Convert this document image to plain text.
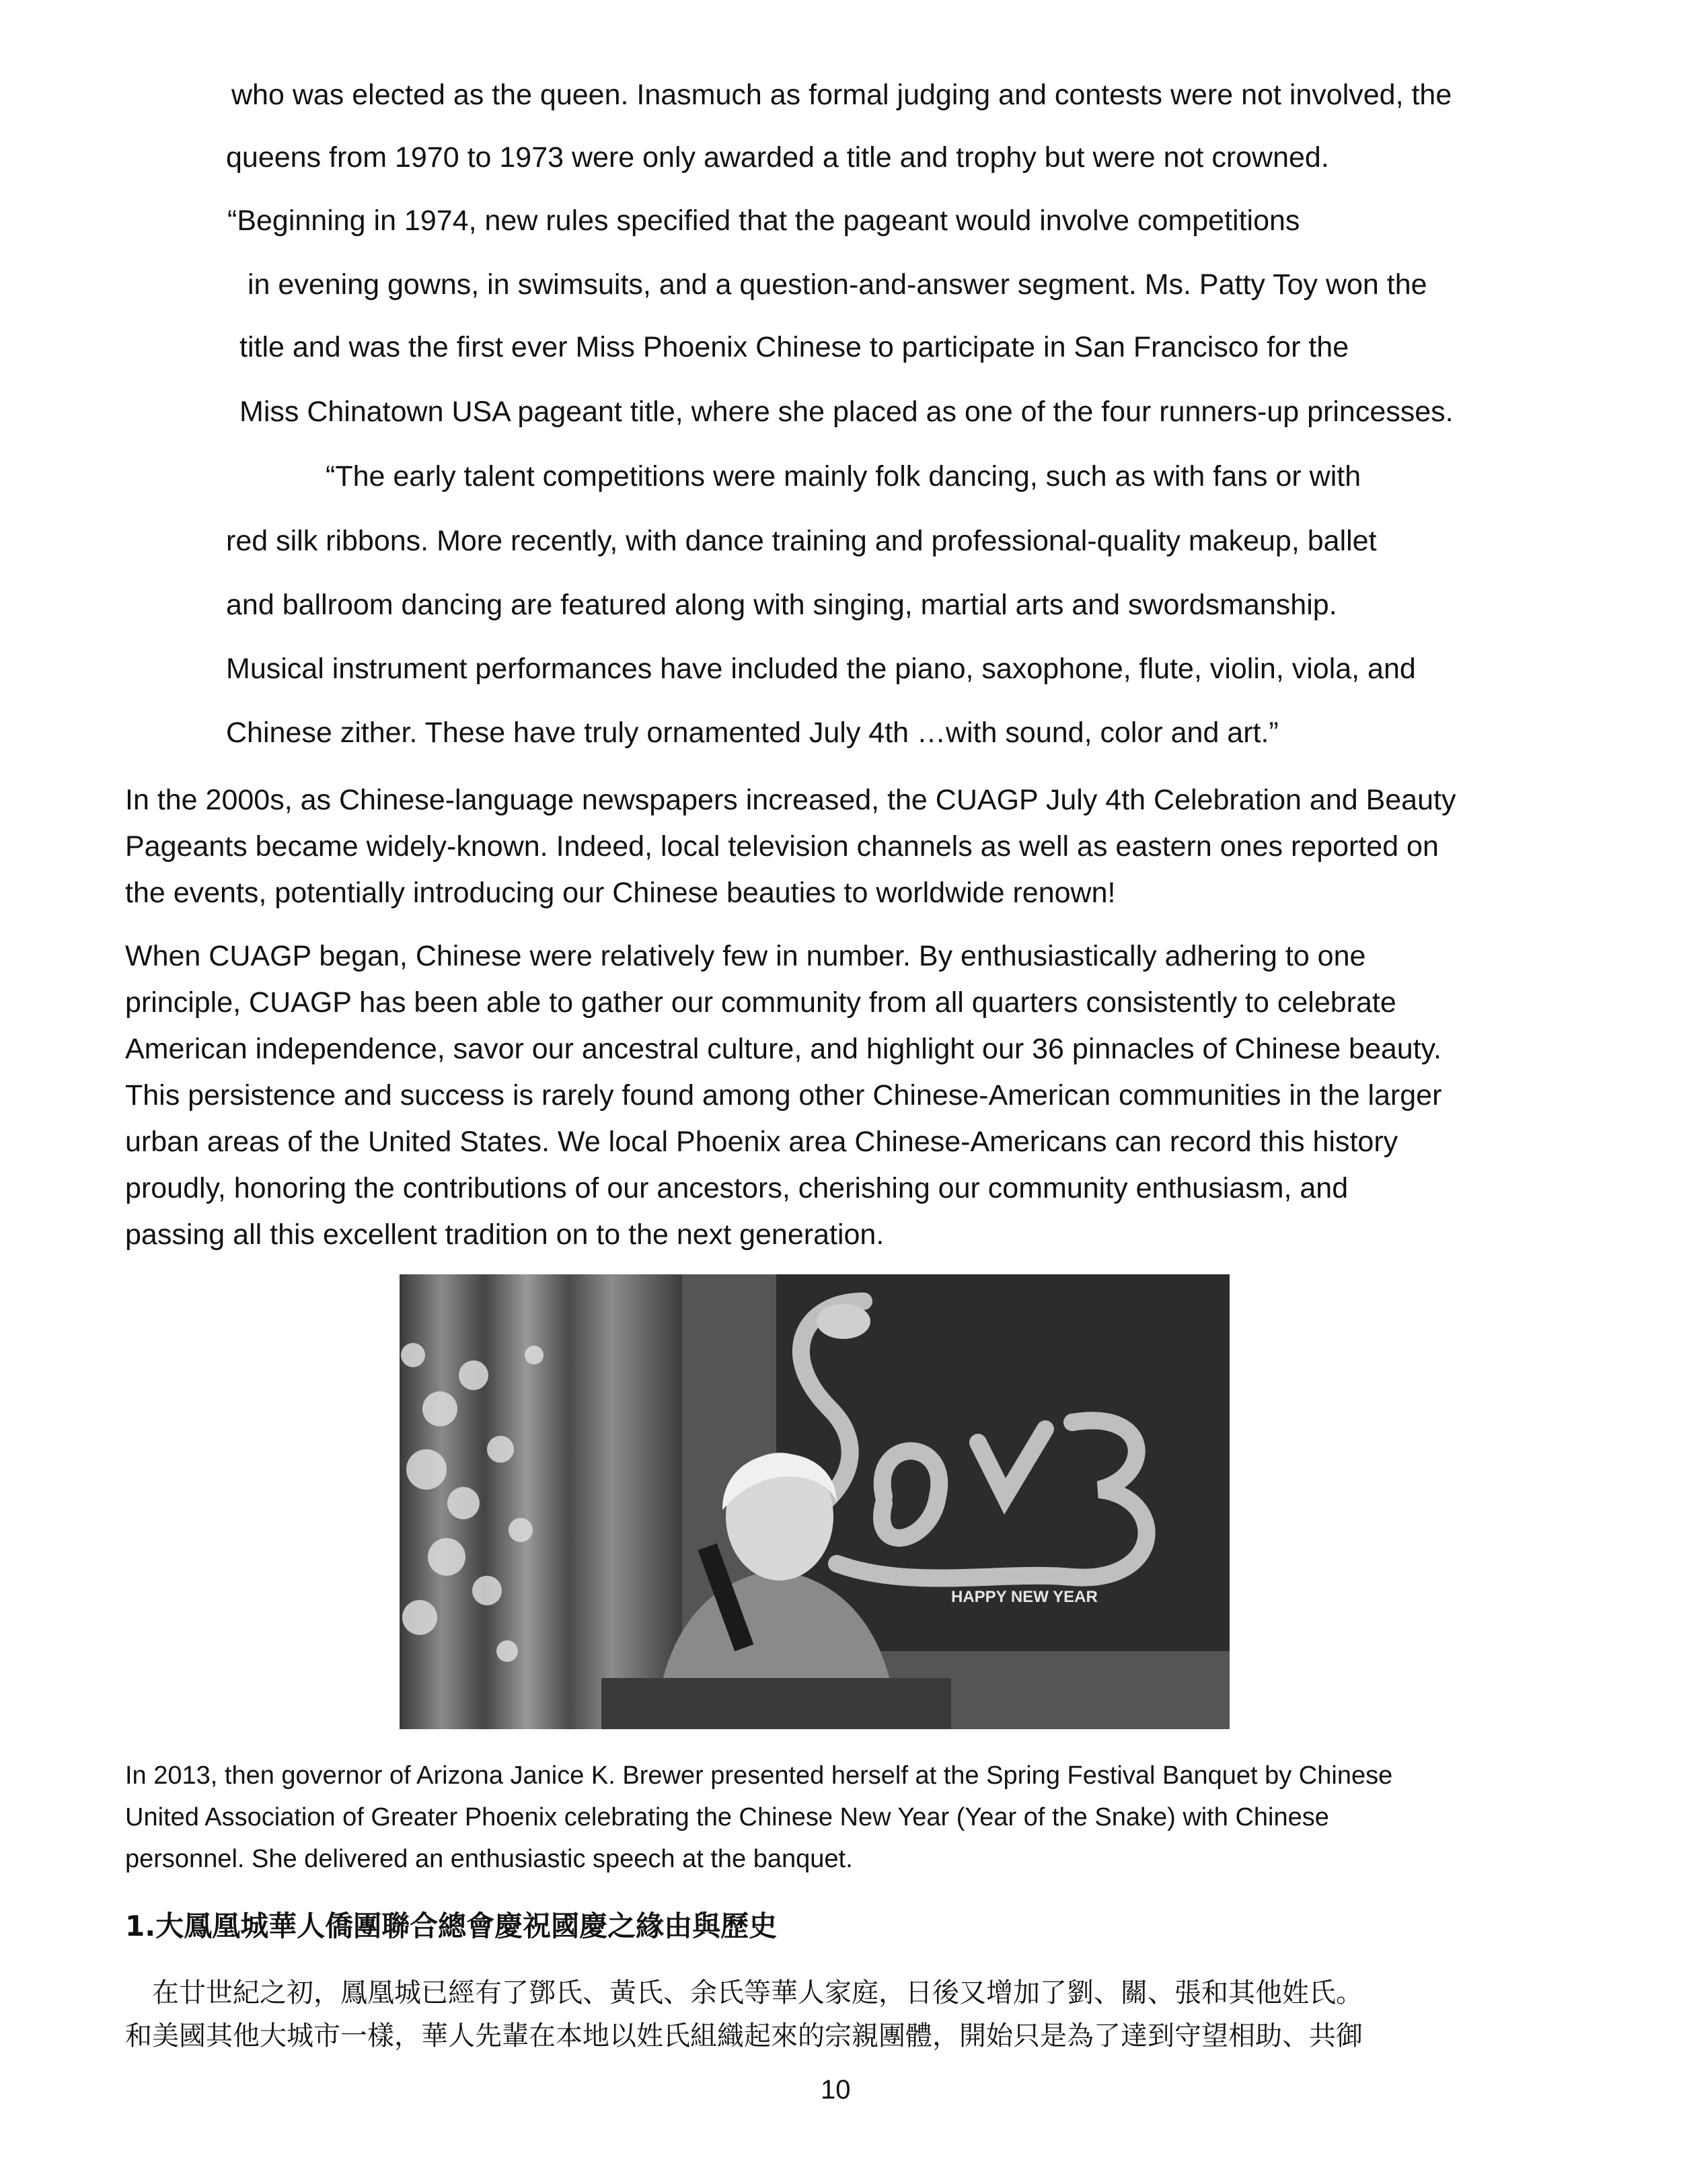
who was elected as the queen. Inasmuch as formal judging and contests were not involved, the
queens from 1970 to 1973 were only awarded a title and trophy but were not crowned.
“Beginning in 1974, new rules specified that the pageant would involve competitions
in evening gowns, in swimsuits, and a question-and-answer segment. Ms. Patty Toy won the
title and was the first ever Miss Phoenix Chinese to participate in San Francisco for the
Miss Chinatown USA pageant title, where she placed as one of the four runners-up princesses.
“The early talent competitions were mainly folk dancing, such as with fans or with
red silk ribbons. More recently, with dance training and professional-quality makeup, ballet
and ballroom dancing are featured along with singing, martial arts and swordsmanship.
Musical instrument performances have included the piano, saxophone, flute, violin, viola, and
Chinese zither. These have truly ornamented July 4th …with sound, color and art.”
In the 2000s, as Chinese-language newspapers increased, the CUAGP July 4th Celebration and Beauty
Pageants became widely-known. Indeed, local television channels as well as eastern ones reported on
the events, potentially introducing our Chinese beauties to worldwide renown!
When CUAGP began, Chinese were relatively few in number. By enthusiastically adhering to one
principle, CUAGP has been able to gather our community from all quarters consistently to celebrate
American independence, savor our ancestral culture, and highlight our 36 pinnacles of Chinese beauty.
This persistence and success is rarely found among other Chinese-American communities in the larger
urban areas of the United States. We local Phoenix area Chinese-Americans can record this history
proudly, honoring the contributions of our ancestors, cherishing our community enthusiasm, and
passing all this excellent tradition on to the next generation.
HAPPY NEW YEAR
In 2013, then governor of Arizona Janice K. Brewer presented herself at the Spring Festival Banquet by Chinese
United Association of Greater Phoenix celebrating the Chinese New Year (Year of the Snake) with Chinese
personnel. She delivered an enthusiastic speech at the banquet.
1.大鳳凰城華人僑團聯合總會慶祝國慶之緣由與歷史
　在廿世紀之初，鳳凰城已經有了鄧氏、黃氏、余氏等華人家庭，日後又增加了劉、關、張和其他姓氏。
和美國其他大城市一樣，華人先輩在本地以姓氏組織起來的宗親團體，開始只是為了達到守望相助、共御
10
